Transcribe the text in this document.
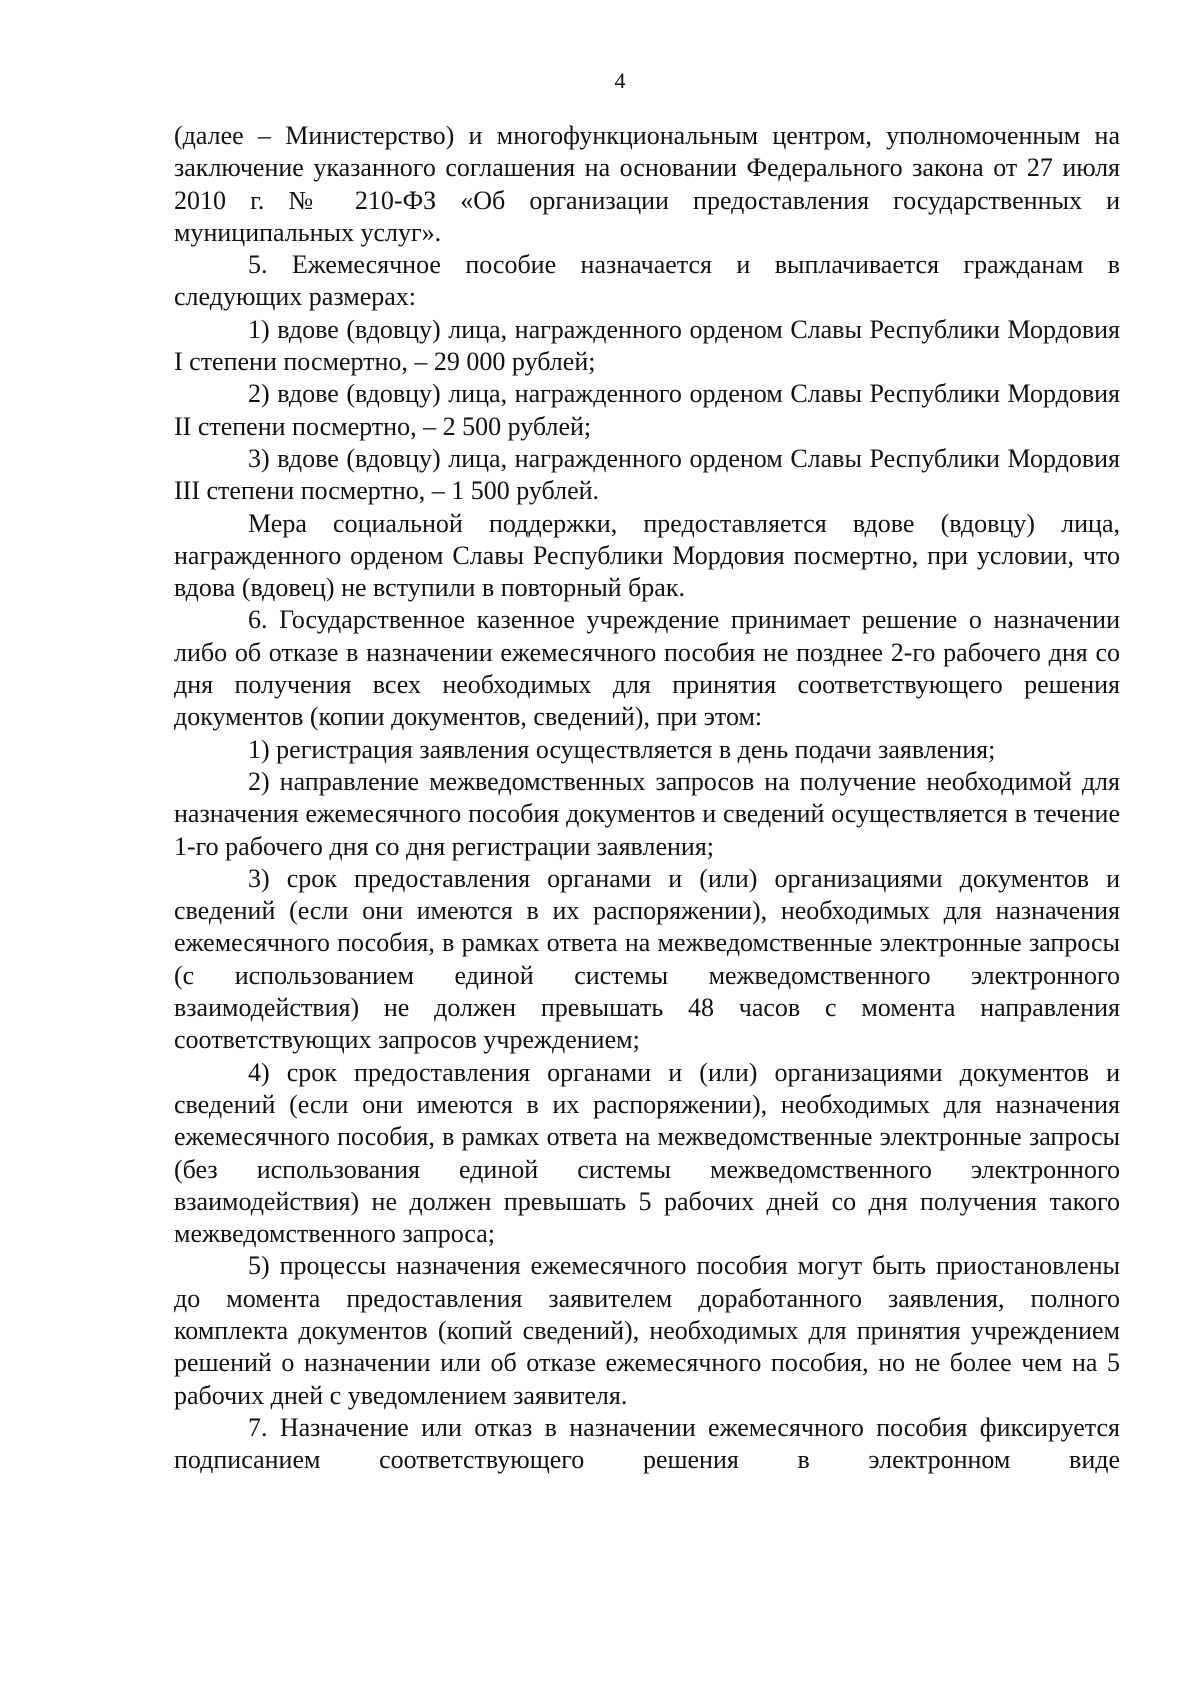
4

(далее – Министерство) и многофункциональным центром, уполномоченным на заключение указанного соглашения на основании Федерального закона от 27 июля 2010 г. № 210-ФЗ «Об организации предоставления государственных и муниципальных услуг».

5. Ежемесячное пособие назначается и выплачивается гражданам в следующих размерах:

1) вдове (вдовцу) лица, награжденного орденом Славы Республики Мордовия I степени посмертно, – 29 000 рублей;

2) вдове (вдовцу) лица, награжденного орденом Славы Республики Мордовия II степени посмертно, – 2 500 рублей;

3) вдове (вдовцу) лица, награжденного орденом Славы Республики Мордовия III степени посмертно, – 1 500 рублей.

Мера социальной поддержки, предоставляется вдове (вдовцу) лица, награжденного орденом Славы Республики Мордовия посмертно, при условии, что вдова (вдовец) не вступили в повторный брак.

6. Государственное казенное учреждение принимает решение о назначении либо об отказе в назначении ежемесячного пособия не позднее 2-го рабочего дня со дня получения всех необходимых для принятия соответствующего решения документов (копии документов, сведений), при этом:

1) регистрация заявления осуществляется в день подачи заявления;

2) направление межведомственных запросов на получение необходимой для назначения ежемесячного пособия документов и сведений осуществляется в течение 1-го рабочего дня со дня регистрации заявления;

3) срок предоставления органами и (или) организациями документов и сведений (если они имеются в их распоряжении), необходимых для назначения ежемесячного пособия, в рамках ответа на межведомственные электронные запросы (с использованием единой системы межведомственного электронного взаимодействия) не должен превышать 48 часов с момента направления соответствующих запросов учреждением;

4) срок предоставления органами и (или) организациями документов и сведений (если они имеются в их распоряжении), необходимых для назначения ежемесячного пособия, в рамках ответа на межведомственные электронные запросы (без использования единой системы межведомственного электронного взаимодействия) не должен превышать 5 рабочих дней со дня получения такого межведомственного запроса;

5) процессы назначения ежемесячного пособия могут быть приостановлены до момента предоставления заявителем доработанного заявления, полного комплекта документов (копий сведений), необходимых для принятия учреждением решений о назначении или об отказе ежемесячного пособия, но не более чем на 5 рабочих дней с уведомлением заявителя.

7. Назначение или отказ в назначении ежемесячного пособия фиксируется подписанием соответствующего решения в электронном виде
